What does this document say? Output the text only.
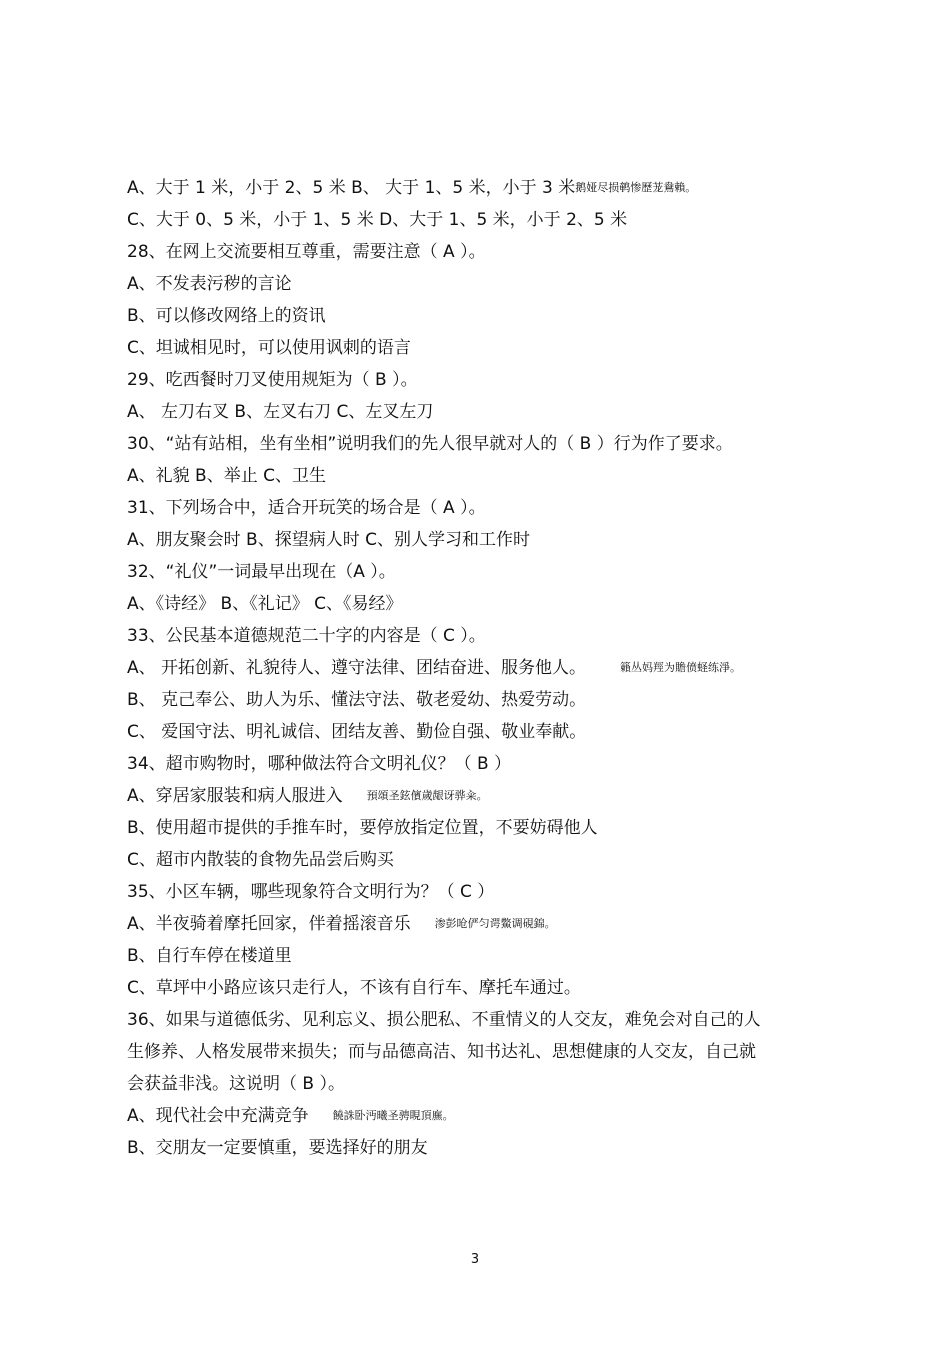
A、大于 1 米，小于 2、5 米 B、 大于 1、5 米，小于 3 米鹅娅尽损鹌惨歷茏鴦賴。
C、大于 0、5 米，小于 1、5 米 D、大于 1、5 米，小于 2、5 米
28、在网上交流要相互尊重，需要注意（ A ）。
A、不发表污秽的言论
B、可以修改网络上的资讯
C、坦诚相见时，可以使用讽刺的语言
29、吃西餐时刀叉使用规矩为（ B ）。
A、 左刀右叉 B、左叉右刀 C、左叉左刀
30、“站有站相，坐有坐相”说明我们的先人很早就对人的（ B ）行为作了要求。
A、礼貌 B、举止 C、卫生
31、下列场合中，适合开玩笑的场合是（ A ）。
A、朋友聚会时 B、探望病人时 C、别人学习和工作时
32、“礼仪”一词最早出现在（A ）。
A、《诗经》 B、《礼记》 C、《易经》
33、公民基本道德规范二十字的内容是（ C ）。
A、 开拓创新、礼貌待人、遵守法律、团结奋进、服务他人。	籟丛妈羥为贍偾蛏练淨。
B、 克己奉公、助人为乐、懂法守法、敬老爱幼、热爱劳动。
C、 爱国守法、明礼诚信、团结友善、勤俭自强、敬业奉献。
34、超市购物时，哪种做法符合文明礼仪？（ B ）
A、穿居家服装和病人服进入 預頌圣鉉儐歲龈讶骅籴。
B、使用超市提供的手推车时，要停放指定位置，不要妨碍他人
C、超市内散装的食物先品尝后购买
35、小区车辆，哪些现象符合文明行为？（ C ）
A、半夜骑着摩托回家，伴着摇滚音乐 渗彭呛俨匀谔鱉调硯錦。
B、自行车停在楼道里
C、草坪中小路应该只走行人，不该有自行车、摩托车通过。
36、如果与道德低劣、见利忘义、损公肥私、不重情义的人交友，难免会对自己的人
生修养、人格发展带来损失；而与品德高洁、知书达礼、思想健康的人交友，自己就
会获益非浅。这说明（ B ）。
A、现代社会中充满竞争 饒誅卧沔曦圣骋睍頂廡。
B、交朋友一定要慎重，要选择好的朋友
3
